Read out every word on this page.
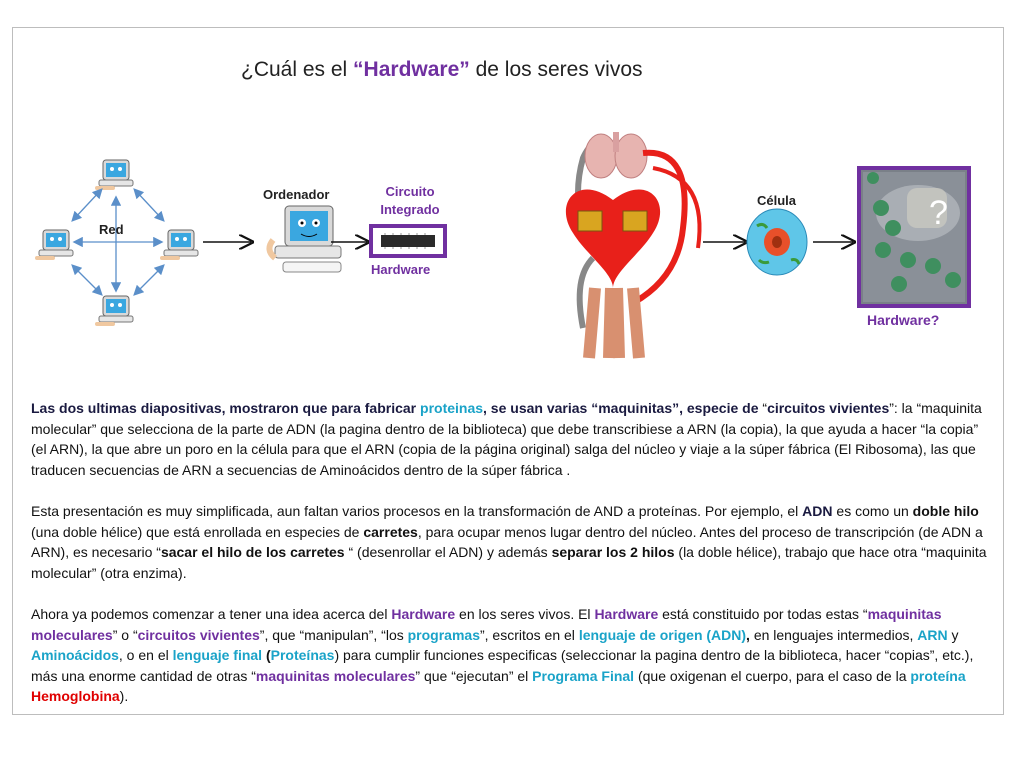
¿Cuál es el “Hardware” de los seres vivos
Red
Ordenador	Circuito Integrado
Hardware
Célula	?
Hardware?

Las dos ultimas diapositivas, mostraron que para fabricar proteinas, se usan varias “maquinitas”, especie de “circuitos vivientes”: la “maquinita molecular” que selecciona de la parte de ADN (la pagina dentro de la biblioteca) que debe transcribiese a ARN (la copia), la que ayuda a hacer “la copia” (el ARN), la que abre un poro en la célula para que el ARN (copia de la página original) salga del núcleo y viaje a la súper fábrica (El Ribosoma), las que traducen secuencias de ARN a secuencias de Aminoácidos dentro de la súper fábrica .

Esta presentación es muy simplificada, aun faltan varios procesos en la transformación de AND a proteínas. Por ejemplo, el ADN es como un doble hilo (una doble hélice) que está enrollada en especies de carretes, para ocupar menos lugar dentro del núcleo. Antes del proceso de transcripción (de ADN a ARN), es necesario “sacar el hilo de los carretes “ (desenrollar el ADN) y además separar los 2 hilos (la doble hélice), trabajo que hace otra “maquinita molecular” (otra enzima).

Ahora ya podemos comenzar a tener una idea acerca del Hardware en los seres vivos. El Hardware está constituido por todas estas “maquinitas moleculares” o “circuitos vivientes”, que “manipulan”, “los programas”, escritos en el lenguaje de origen (ADN), en lenguajes intermedios, ARN y Aminoácidos, o en el lenguaje final (Proteínas) para cumplir funciones especificas (seleccionar la pagina dentro de la biblioteca, hacer “copias”, etc.), más una enorme cantidad de otras “maquinitas moleculares” que “ejecutan” el Programa Final (que oxigenan el cuerpo, para el caso de la proteína Hemoglobina).
